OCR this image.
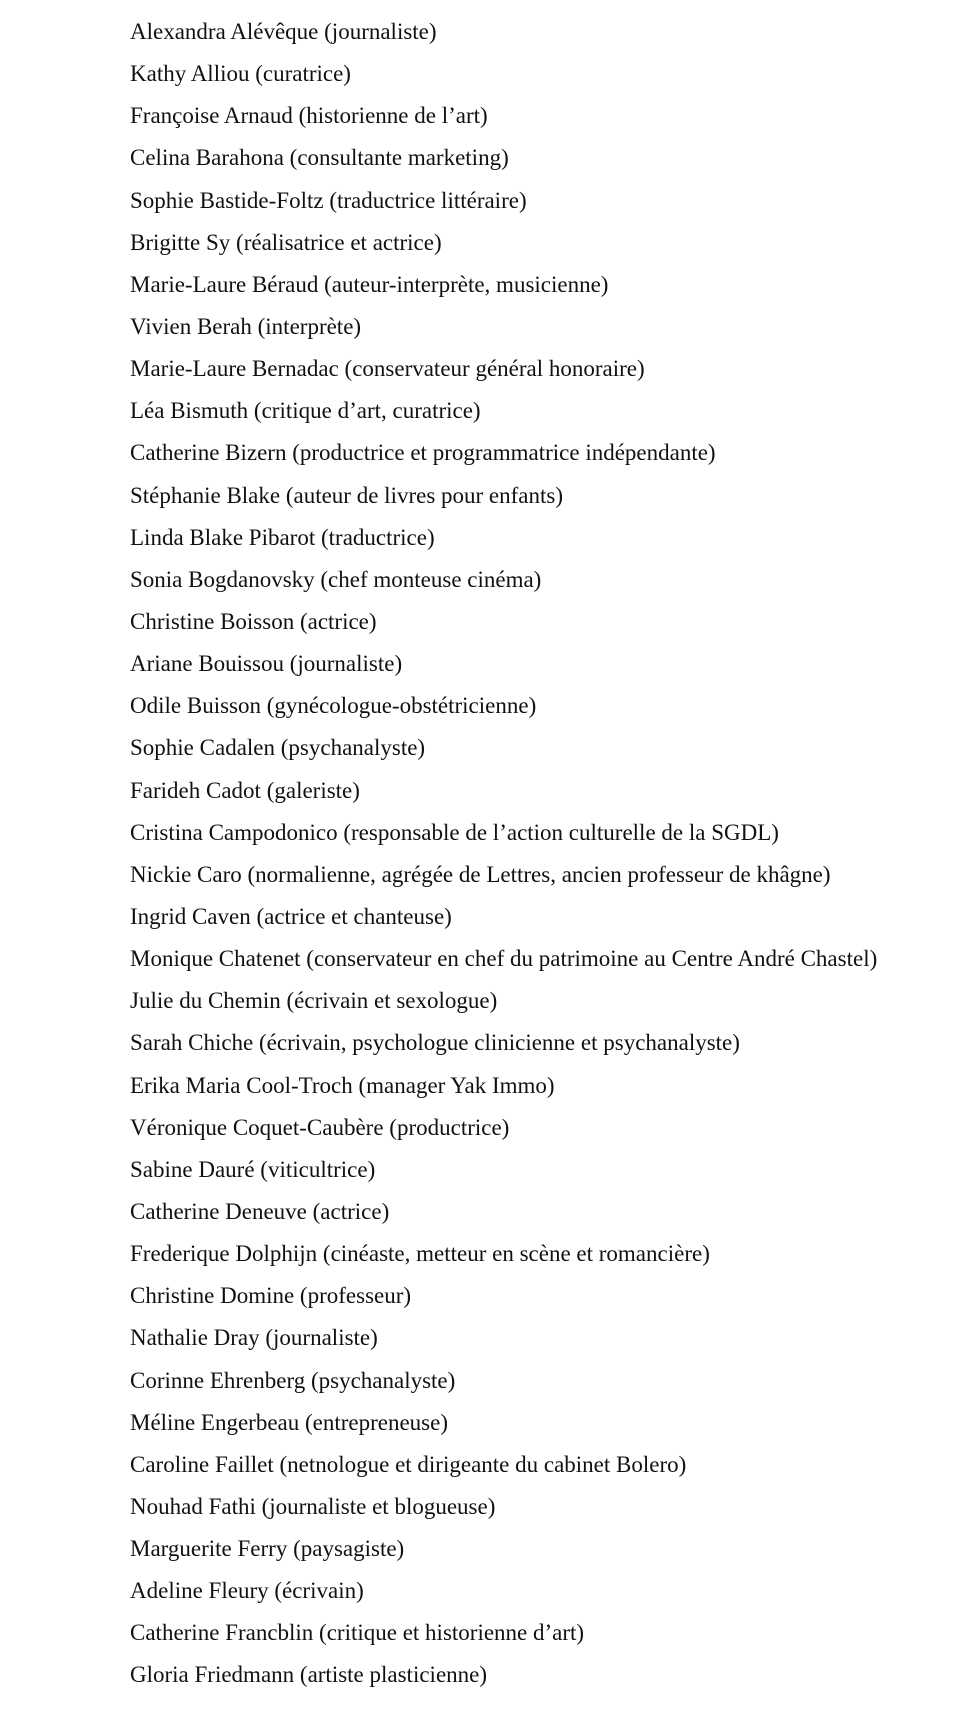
Alexandra Alévêque (journaliste)
Kathy Alliou (curatrice)
Françoise Arnaud (historienne de l’art)
Celina Barahona (consultante marketing)
Sophie Bastide-Foltz (traductrice littéraire)
Brigitte Sy (réalisatrice et actrice)
Marie-Laure Béraud (auteur-interprète, musicienne)
Vivien Berah (interprète)
Marie-Laure Bernadac (conservateur général honoraire)
Léa Bismuth (critique d’art, curatrice)
Catherine Bizern (productrice et programmatrice indépendante)
Stéphanie Blake (auteur de livres pour enfants)
Linda Blake Pibarot (traductrice)
Sonia Bogdanovsky (chef monteuse cinéma)
Christine Boisson (actrice)
Ariane Bouissou (journaliste)
Odile Buisson (gynécologue-obstétricienne)
Sophie Cadalen (psychanalyste)
Farideh Cadot (galeriste)
Cristina Campodonico (responsable de l’action culturelle de la SGDL)
Nickie Caro (normalienne, agrégée de Lettres, ancien professeur de khâgne)
Ingrid Caven (actrice et chanteuse)
Monique Chatenet (conservateur en chef du patrimoine au Centre André Chastel)
Julie du Chemin (écrivain et sexologue)
Sarah Chiche (écrivain, psychologue clinicienne et psychanalyste)
Erika Maria Cool-Troch (manager Yak Immo)
Véronique Coquet-Caubère (productrice)
Sabine Dauré (viticultrice)
Catherine Deneuve (actrice)
Frederique Dolphijn (cinéaste, metteur en scène et romancière)
Christine Domine (professeur)
Nathalie Dray (journaliste)
Corinne Ehrenberg (psychanalyste)
Méline Engerbeau (entrepreneuse)
Caroline Faillet (netnologue et dirigeante du cabinet Bolero)
Nouhad Fathi (journaliste et blogueuse)
Marguerite Ferry (paysagiste)
Adeline Fleury (écrivain)
Catherine Francblin (critique et historienne d’art)
Gloria Friedmann (artiste plasticienne)
